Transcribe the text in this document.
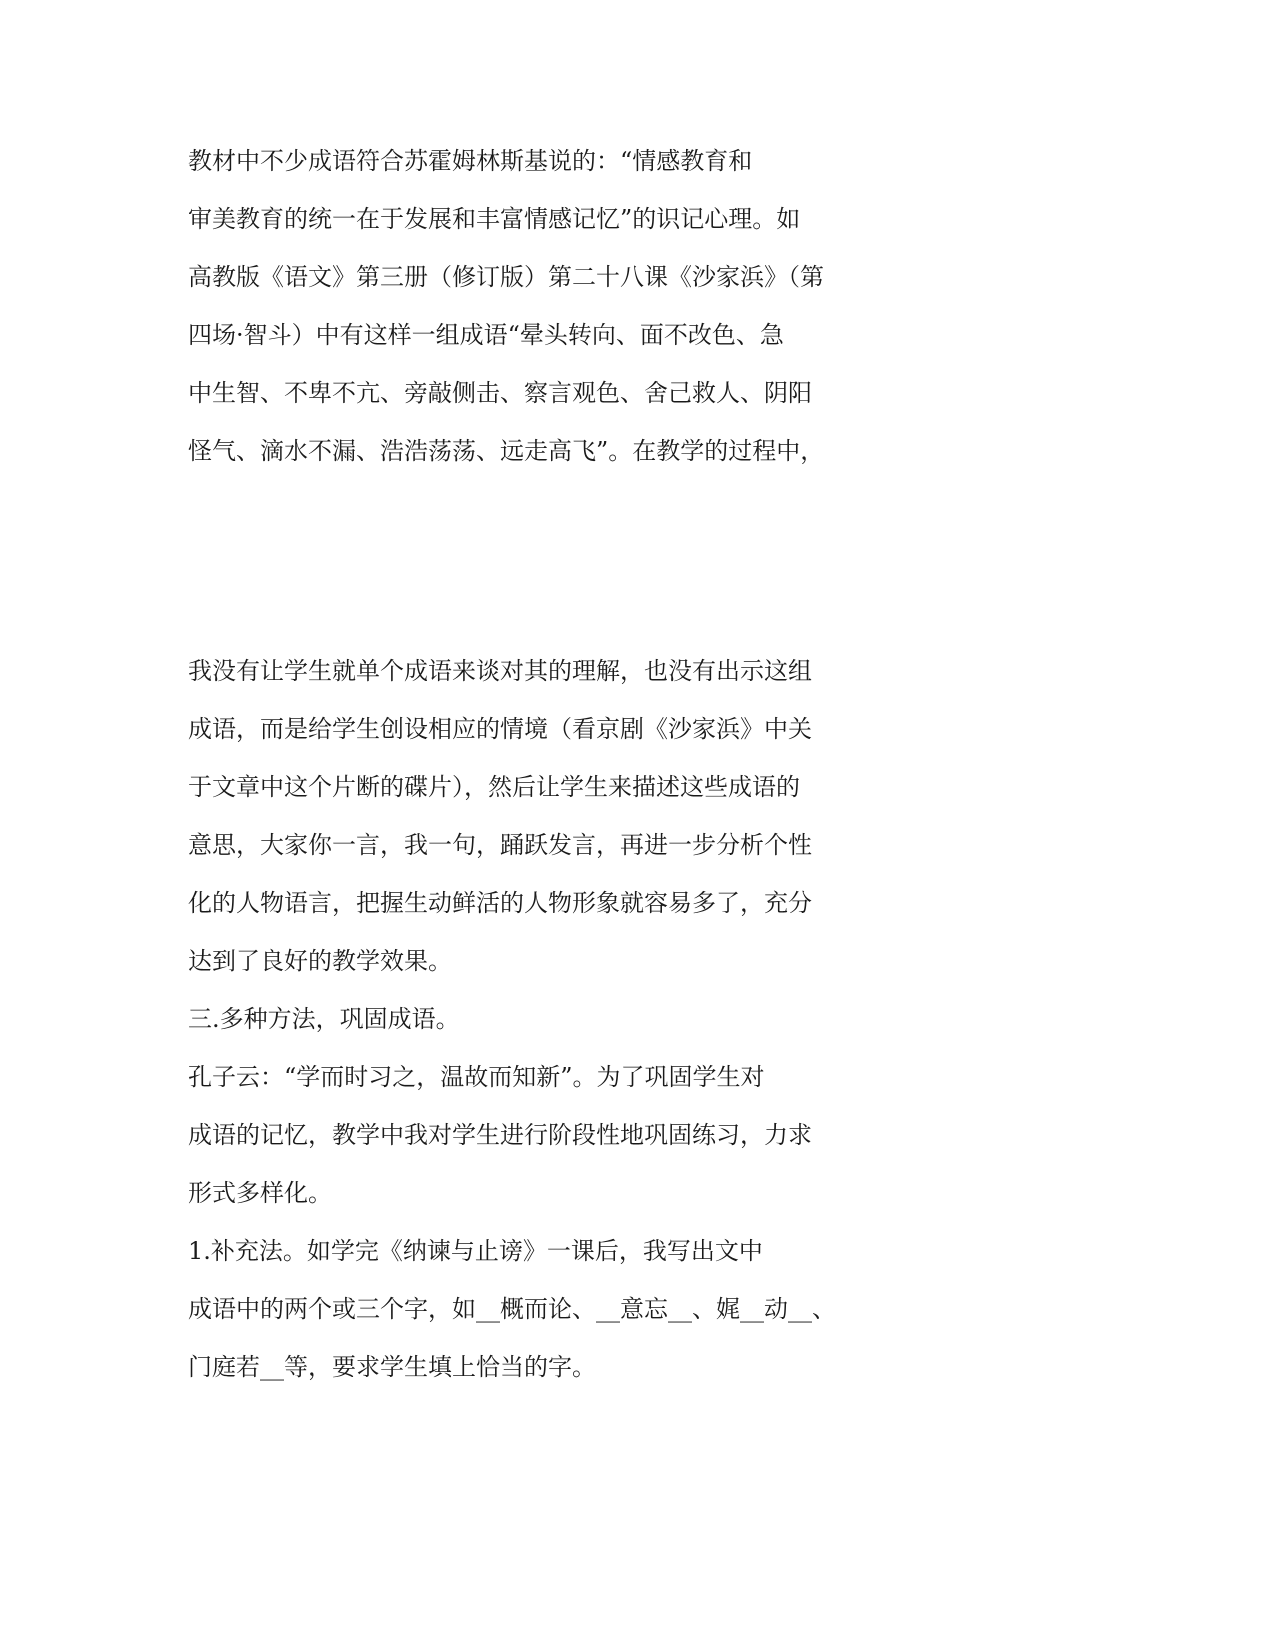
教材中不少成语符合苏霍姆林斯基说的：“情感教育和

审美教育的统一在于发展和丰富情感记忆”的识记心理。如

高教版《语文》第三册（修订版）第二十八课《沙家浜》（第

四场·智斗）中有这样一组成语“晕头转向、面不改色、急

中生智、不卑不亢、旁敲侧击、察言观色、舍己救人、阴阳

怪气、滴水不漏、浩浩荡荡、远走高飞”。在教学的过程中，

我没有让学生就单个成语来谈对其的理解，也没有出示这组

成语，而是给学生创设相应的情境（看京剧《沙家浜》中关

于文章中这个片断的碟片），然后让学生来描述这些成语的

意思，大家你一言，我一句，踊跃发言，再进一步分析个性

化的人物语言，把握生动鲜活的人物形象就容易多了，充分

达到了良好的教学效果。

三.多种方法，巩固成语。

孔子云：“学而时习之，温故而知新”。为了巩固学生对

成语的记忆，教学中我对学生进行阶段性地巩固练习，力求

形式多样化。

1.补充法。如学完《纳谏与止谤》一课后，我写出文中

成语中的两个或三个字，如__概而论、__意忘__、娓__动__、

门庭若__等，要求学生填上恰当的字。
